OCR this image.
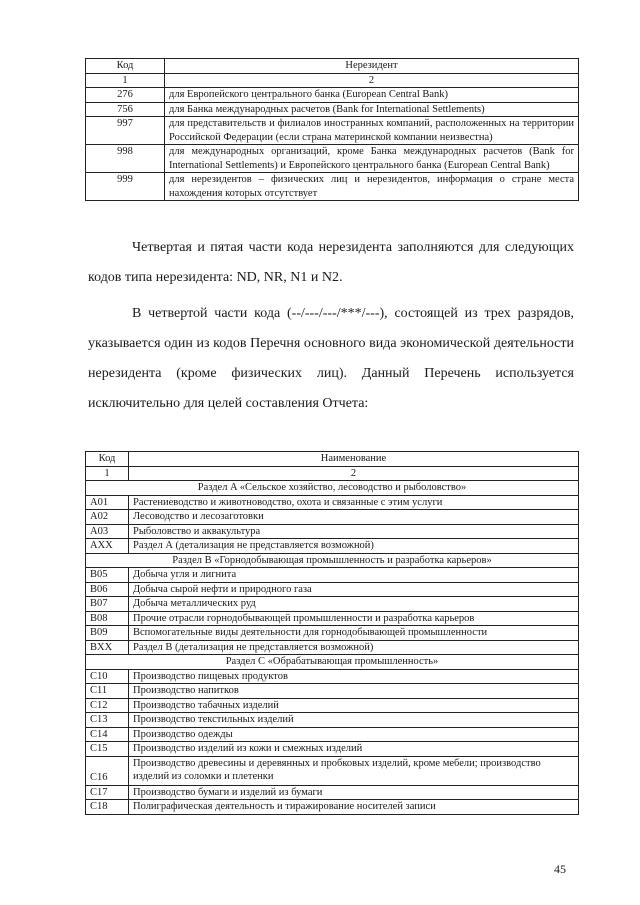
Код	Нерезидент
1	2
276	для Европейского центрального банка (European Central Bank)
756	для Банка международных расчетов (Bank for International Settlements)
997	для представительств и филиалов иностранных компаний, расположенных на территории Российской Федерации (если страна материнской компании неизвестна)
998	для международных организаций, кроме Банка международных расчетов (Bank for International Settlements) и Европейского центрального банка (European Central Bank)
999	для нерезидентов – физических лиц и нерезидентов, информация о стране места нахождения которых отсутствует

Четвертая и пятая части кода нерезидента заполняются для следующих кодов типа нерезидента: ND, NR, N1 и N2.

В четвертой части кода (--/---/---/***/---), состоящей из трех разрядов, указывается один из кодов Перечня основного вида экономической деятельности нерезидента (кроме физических лиц). Данный Перечень используется исключительно для целей составления Отчета:

Код	Наименование
1	2
Раздел A «Сельское хозяйство, лесоводство и рыболовство»	
A01	Растениеводство и животноводство, охота и связанные с этим услуги
A02	Лесоводство и лесозаготовки
A03	Рыболовство и аквакультура
AXX	Раздел А (детализация не представляется возможной)
Раздел B «Горнодобывающая промышленность и разработка карьеров»	
B05	Добыча угля и лигнита
B06	Добыча сырой нефти и природного газа
B07	Добыча металлических руд
B08	Прочие отрасли горнодобывающей промышленности и разработка карьеров
B09	Вспомогательные виды деятельности для горнодобывающей промышленности
BXX	Раздел B (детализация не представляется возможной)
Раздел C «Обрабатывающая промышленность»	
C10	Производство пищевых продуктов
C11	Производство напитков
C12	Производство табачных изделий
C13	Производство текстильных изделий
C14	Производство одежды
C15	Производство изделий из кожи и смежных изделий
C16	Производство древесины и деревянных и пробковых изделий, кроме мебели; производство изделий из соломки и плетенки
C17	Производство бумаги и изделий из бумаги
C18	Полиграфическая деятельность и тиражирование носителей записи
45
